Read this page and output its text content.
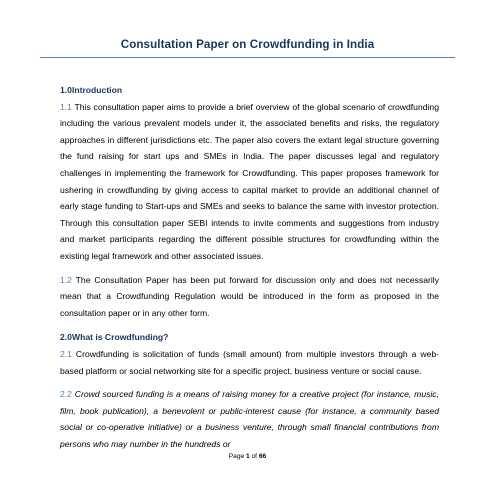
Consultation Paper on Crowdfunding in India
1.0 Introduction

1.1 This consultation paper aims to provide a brief overview of the global scenario of crowdfunding including the various prevalent models under it, the associated benefits and risks, the regulatory approaches in different jurisdictions etc. The paper also covers the extant legal structure governing the fund raising for start ups and SMEs in India. The paper discusses legal and regulatory challenges in implementing the framework for Crowdfunding. This paper proposes framework for ushering in crowdfunding by giving access to capital market to provide an additional channel of early stage funding to Start-ups and SMEs and seeks to balance the same with investor protection. Through this consultation paper SEBI intends to invite comments and suggestions from industry and market participants regarding the different possible structures for crowdfunding within the existing legal framework and other associated issues.

1.2 The Consultation Paper has been put forward for discussion only and does not necessarily mean that a Crowdfunding Regulation would be introduced in the form as proposed in the consultation paper or in any other form.

2.0 What is Crowdfunding?

2.1 Crowdfunding is solicitation of funds (small amount) from multiple investors through a web-based platform or social networking site for a specific project, business venture or social cause.

2.2 Crowd sourced funding is a means of raising money for a creative project (for instance, music, film, book publication), a benevolent or public-interest cause (for instance, a community based social or co-operative initiative) or a business venture, through small financial contributions from persons who may number in the hundreds or

Page 1 of 66
